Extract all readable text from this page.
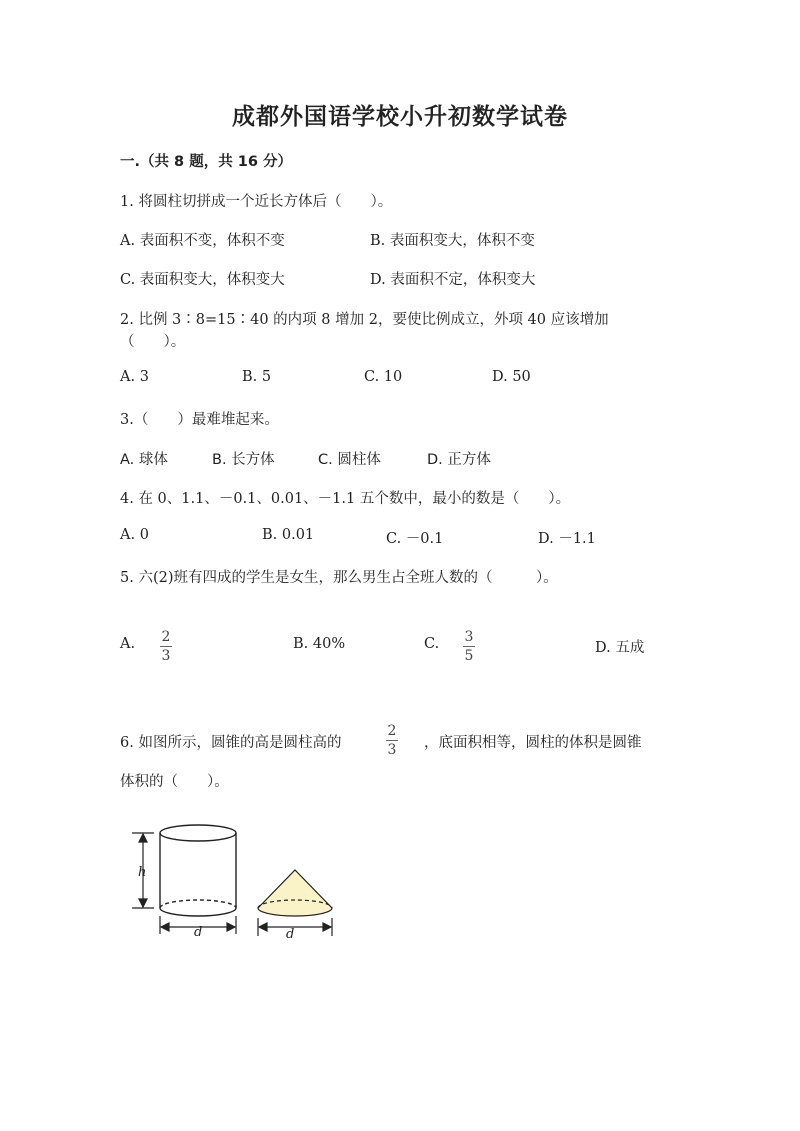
成都外国语学校小升初数学试卷
一.（共 8 题，共 16 分）
1. 将圆柱切拼成一个近长方体后（　　）。
A. 表面积不变，体积不变	B. 表面积变大，体积不变
C. 表面积变大，体积变大	D. 表面积不定，体积变大
2. 比例 3∶8=15∶40 的内项 8 增加 2，要使比例成立，外项 40 应该增加
（　　）。
A. 3	B. 5	C. 10	D. 50
3.（　　）最难堆起来。
A. 球体	B. 长方体	C. 圆柱体	D. 正方体
4. 在 0、1.1、－0.1、0.01、－1.1 五个数中，最小的数是（　　）。
A. 0	B. 0.01	C. －0.1	D. －1.1
5. 六(2)班有四成的学生是女生，那么男生占全班人数的（　　　）。
A. 2
3
B. 40%	C. 3
5	D. 五成
6. 如图所示，圆锥的高是圆柱高的
2
3 ，底面积相等，圆柱的体积是圆锥
体积的（　　）。
h
d	d
